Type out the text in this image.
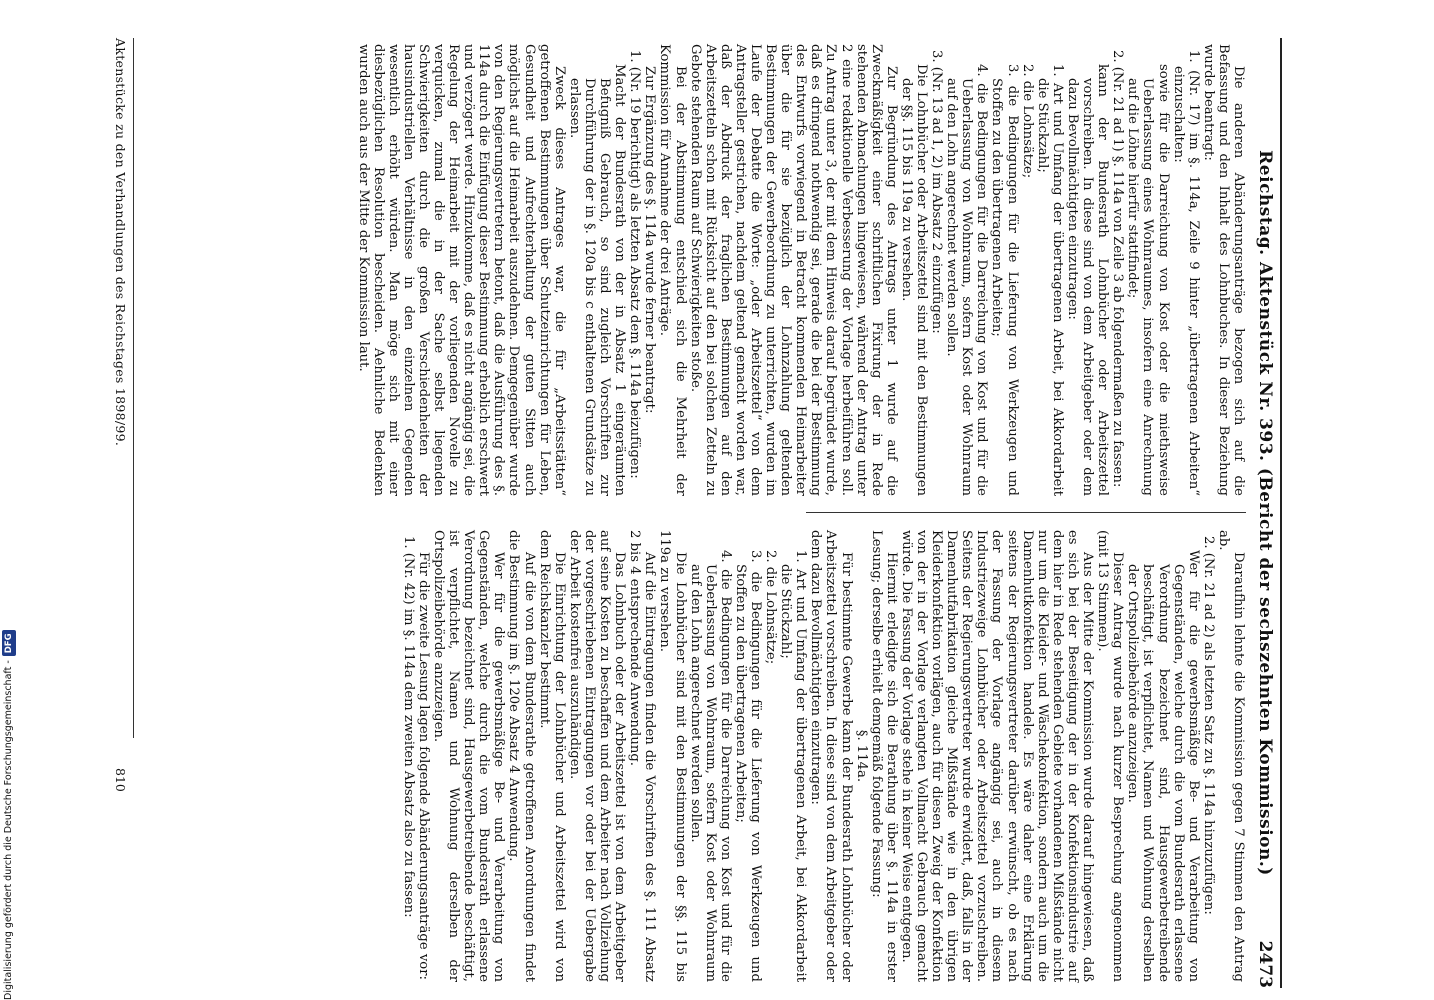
Reichstag. Aktenstück Nr. 393. (Bericht der sechszehnten Kommission.)
2473

Die anderen Abänderungsanträge bezogen sich auf die Befassung und den Inhalt des Lohnbuches. In dieser Beziehung wurde beantragt:

1. (Nr. 17) im §. 114a, Zeile 9 hinter „übertragenen Arbeiten“ einzuschalten:

sowie für die Darreichung von Kost oder die miethsweise Ueberlassung eines Wohnraumes, insofern eine Anrechnung auf die Löhne hierfür stattfindet;

2. (Nr. 21 ad 1) §. 114a von Zeile 3 ab folgendermaßen zu fassen:

kann der Bundesrath Lohnbücher oder Arbeitszettel vorschreiben. In diese sind von dem Arbeitgeber oder dem dazu Bevollmächtigten einzutragen:

1. Art und Umfang der übertragenen Arbeit, bei Akkordarbeit die Stückzahl;

2. die Lohnsätze;

3. die Bedingungen für die Lieferung von Werkzeugen und Stoffen zu den übertragenen Arbeiten;

4. die Bedingungen für die Darreichung von Kost und für die Ueberlassung von Wohnraum, sofern Kost oder Wohnraum auf den Lohn angerechnet werden sollen.

3. (Nr. 13 ad 1, 2) im Absatz 2 einzufügen:

Die Lohnbücher oder Arbeitszettel sind mit den Bestimmungen der §§. 115 bis 119a zu versehen.

Zur Begründung des Antrags unter 1 wurde auf die Zweckmäßigkeit einer schriftlichen Fixirung der in Rede stehenden Abmachungen hingewiesen, während der Antrag unter 2 eine redaktionelle Verbesserung der Vorlage herbeiführen soll. Zu Antrag unter 3, der mit dem Hinweis darauf begründet wurde, daß es dringend nothwendig sei, gerade die bei der Bestimmung des Entwurfs vorwiegend in Betracht kommenden Heimarbeiter über die für sie bezüglich der Lohnzahlung geltenden Bestimmungen der Gewerbeordnung zu unterrichten, wurden im Laufe der Debatte die Worte: „oder Arbeitszettel“ von dem Antragsteller gestrichen, nachdem geltend gemacht worden war, daß der Abdruck der fraglichen Bestimmungen auf den Arbeitszetteln schon mit Rücksicht auf den bei solchen Zetteln zu Gebote stehenden Raum auf Schwierigkeiten stoße.

Bei der Abstimmung entschied sich die Mehrheit der Kommission für Annahme der drei Anträge.

Zur Ergänzung des §. 114a wurde ferner beantragt:

1. (Nr. 19 berichtigt) als letzten Absatz dem §. 114a beizufügen:

Macht der Bundesrath von der in Absatz 1 eingeräumten Befugniß Gebrauch, so sind zugleich Vorschriften zur Durchführung der in §. 120a bis c enthaltenen Grundsätze zu erlassen.

Zweck dieses Antrages war, die für „Arbeitsstätten“ getroffenen Bestimmungen über Schutzeinrichtungen für Leben, Gesundheit und Aufrechterhaltung der guten Sitten auch möglichst auf die Heimarbeit auszudehnen. Demgegenüber wurde von den Regierungsvertretern betont, daß die Ausführung des §. 114a durch die Einfügung dieser Bestimmung erheblich erschwert und verzögert werde. Hinzukomme, daß es nicht angängig sei, die Regelung der Heimarbeit mit der vorliegenden Novelle zu verquicken, zumal die in der Sache selbst liegenden Schwierigkeiten durch die großen Verschiedenheiten der hausindustriellen Verhältnisse in den einzelnen Gegenden wesentlich erhöht würden. Man möge sich mit einer diesbezüglichen Resolution bescheiden. Aehnliche Bedenken wurden auch aus der Mitte der Kommission laut.

Daraufhin lehnte die Kommission gegen 7 Stimmen den Antrag ab.

2. (Nr. 21 ad 2) als letzten Satz zu §. 114a hinzuzufügen:

Wer für die gewerbsmäßige Be- und Verarbeitung von Gegenständen, welche durch die vom Bundesrath erlassene Verordnung bezeichnet sind, Hausgewerbetreibende beschäftigt, ist verpflichtet, Namen und Wohnung derselben der Ortspolizeibehörde anzuzeigen.

Dieser Antrag wurde nach kurzer Besprechung angenommen (mit 13 Stimmen).

Aus der Mitte der Kommission wurde darauf hingewiesen, daß es sich bei der Beseitigung der in der Konfektionsindustrie auf dem hier in Rede stehenden Gebiete vorhandenen Mißstände nicht nur um die Kleider- und Wäschekonfektion, sondern auch um die Damenhutkonfektion handele. Es wäre daher eine Erklärung seitens der Regierungsvertreter darüber erwünscht, ob es nach der Fassung der Vorlage angängig sei, auch in diesem Industriezweige Lohnbücher oder Arbeitszettel vorzuschreiben. Seitens der Regierungsvertreter wurde erwidert, daß, falls in der Damenhutfabrikation gleiche Mißstände wie in den übrigen Kleiderkonfektion vorlägen, auch für diesen Zweig der Konfektion von der in der Vorlage verlangten Vollmacht Gebrauch gemacht würde. Die Fassung der Vorlage stehe in keiner Weise entgegen.

Hiermit erledigte sich die Berathung über §. 114a in erster Lesung; derselbe erhielt demgemäß folgende Fassung:

§. 114a.

Für bestimmte Gewerbe kann der Bundesrath Lohnbücher oder Arbeitszettel vorschreiben. In diese sind von dem Arbeitgeber oder dem dazu Bevollmächtigten einzutragen:

1. Art und Umfang der übertragenen Arbeit, bei Akkordarbeit die Stückzahl;

2. die Lohnsätze;

3. die Bedingungen für die Lieferung von Werkzeugen und Stoffen zu den übertragenen Arbeiten;

4. die Bedingungen für die Darreichung von Kost und für die Ueberlassung von Wohnraum, sofern Kost oder Wohnraum auf den Lohn angerechnet werden sollen.

Die Lohnbücher sind mit den Bestimmungen der §§. 115 bis 119a zu versehen.

Auf die Eintragungen finden die Vorschriften des §. 111 Absatz 2 bis 4 entsprechende Anwendung.

Das Lohnbuch oder der Arbeitszettel ist von dem Arbeitgeber auf seine Kosten zu beschaffen und dem Arbeiter nach Vollziehung der vorgeschriebenen Eintragungen vor oder bei der Uebergabe der Arbeit kostenfrei auszuhändigen.

Die Einrichtung der Lohnbücher und Arbeitszettel wird von dem Reichskanzler bestimmt.

Auf die von dem Bundesrathe getroffenen Anordnungen findet die Bestimmung im §. 120e Absatz 4 Anwendung.

Wer für die gewerbsmäßige Be- und Verarbeitung von Gegenständen, welche durch die vom Bundesrath erlassene Verordnung bezeichnet sind, Hausgewerbetreibende beschäftigt, ist verpflichtet, Namen und Wohnung derselben der Ortspolizeibehörde anzuzeigen.

Für die zweite Lesung lagen folgende Abänderungsanträge vor:

1. (Nr. 42) im §. 114a dem zweiten Absatz also zu fassen:

Aktenstücke zu den Verhandlungen des Reichstages 1898/99.
810
Digitalisierung gefördert durch die Deutsche Forschungsgemeinschaft -DFG
